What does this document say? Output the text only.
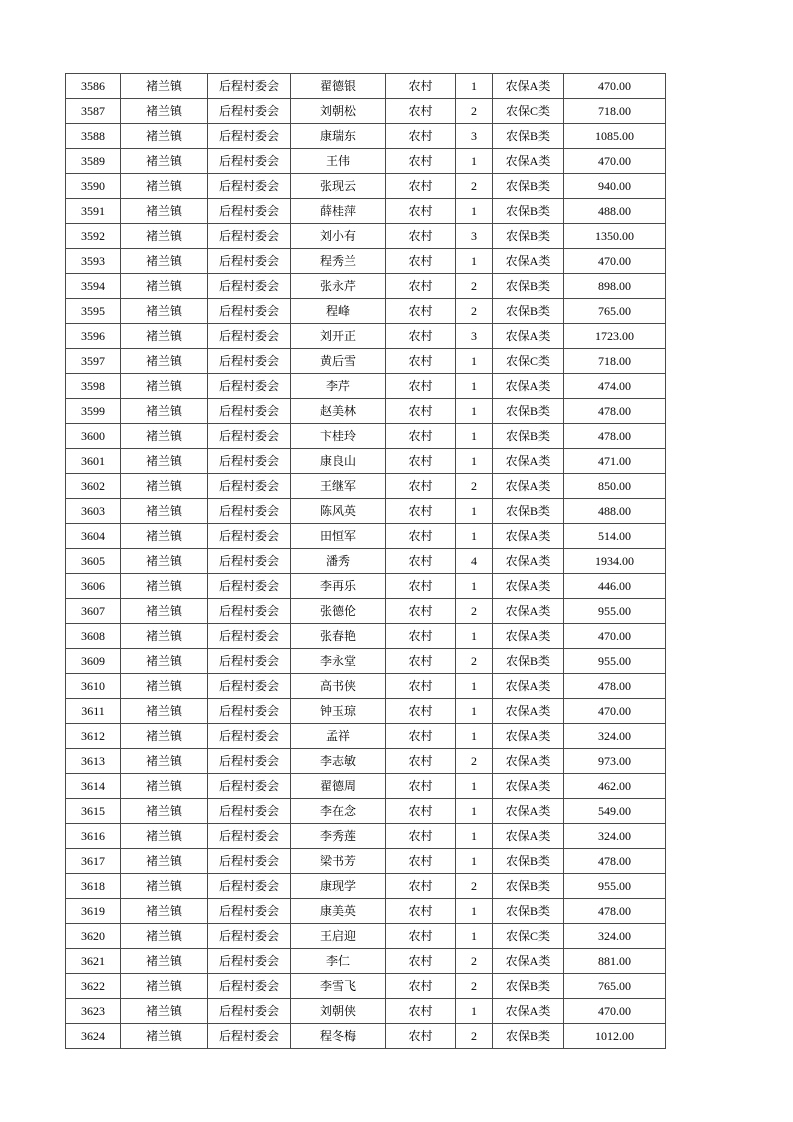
3586	褚兰镇	后程村委会	翟德银	农村	1	农保A类	470.00
3587	褚兰镇	后程村委会	刘朝松	农村	2	农保C类	718.00
3588	褚兰镇	后程村委会	康瑞东	农村	3	农保B类	1085.00
3589	褚兰镇	后程村委会	王伟	农村	1	农保A类	470.00
3590	褚兰镇	后程村委会	张现云	农村	2	农保B类	940.00
3591	褚兰镇	后程村委会	薛桂萍	农村	1	农保B类	488.00
3592	褚兰镇	后程村委会	刘小有	农村	3	农保B类	1350.00
3593	褚兰镇	后程村委会	程秀兰	农村	1	农保A类	470.00
3594	褚兰镇	后程村委会	张永芹	农村	2	农保B类	898.00
3595	褚兰镇	后程村委会	程峰	农村	2	农保B类	765.00
3596	褚兰镇	后程村委会	刘开正	农村	3	农保A类	1723.00
3597	褚兰镇	后程村委会	黄后雪	农村	1	农保C类	718.00
3598	褚兰镇	后程村委会	李芹	农村	1	农保A类	474.00
3599	褚兰镇	后程村委会	赵美林	农村	1	农保B类	478.00
3600	褚兰镇	后程村委会	卞桂玲	农村	1	农保B类	478.00
3601	褚兰镇	后程村委会	康良山	农村	1	农保A类	471.00
3602	褚兰镇	后程村委会	王继军	农村	2	农保A类	850.00
3603	褚兰镇	后程村委会	陈风英	农村	1	农保B类	488.00
3604	褚兰镇	后程村委会	田恒军	农村	1	农保A类	514.00
3605	褚兰镇	后程村委会	潘秀	农村	4	农保A类	1934.00
3606	褚兰镇	后程村委会	李再乐	农村	1	农保A类	446.00
3607	褚兰镇	后程村委会	张德伦	农村	2	农保A类	955.00
3608	褚兰镇	后程村委会	张春艳	农村	1	农保A类	470.00
3609	褚兰镇	后程村委会	李永堂	农村	2	农保B类	955.00
3610	褚兰镇	后程村委会	高书侠	农村	1	农保A类	478.00
3611	褚兰镇	后程村委会	钟玉琼	农村	1	农保A类	470.00
3612	褚兰镇	后程村委会	孟祥	农村	1	农保A类	324.00
3613	褚兰镇	后程村委会	李志敏	农村	2	农保A类	973.00
3614	褚兰镇	后程村委会	翟德周	农村	1	农保A类	462.00
3615	褚兰镇	后程村委会	李在念	农村	1	农保A类	549.00
3616	褚兰镇	后程村委会	李秀莲	农村	1	农保A类	324.00
3617	褚兰镇	后程村委会	梁书芳	农村	1	农保B类	478.00
3618	褚兰镇	后程村委会	康现学	农村	2	农保B类	955.00
3619	褚兰镇	后程村委会	康美英	农村	1	农保B类	478.00
3620	褚兰镇	后程村委会	王启迎	农村	1	农保C类	324.00
3621	褚兰镇	后程村委会	李仁	农村	2	农保A类	881.00
3622	褚兰镇	后程村委会	李雪飞	农村	2	农保B类	765.00
3623	褚兰镇	后程村委会	刘朝侠	农村	1	农保A类	470.00
3624	褚兰镇	后程村委会	程冬梅	农村	2	农保B类	1012.00
